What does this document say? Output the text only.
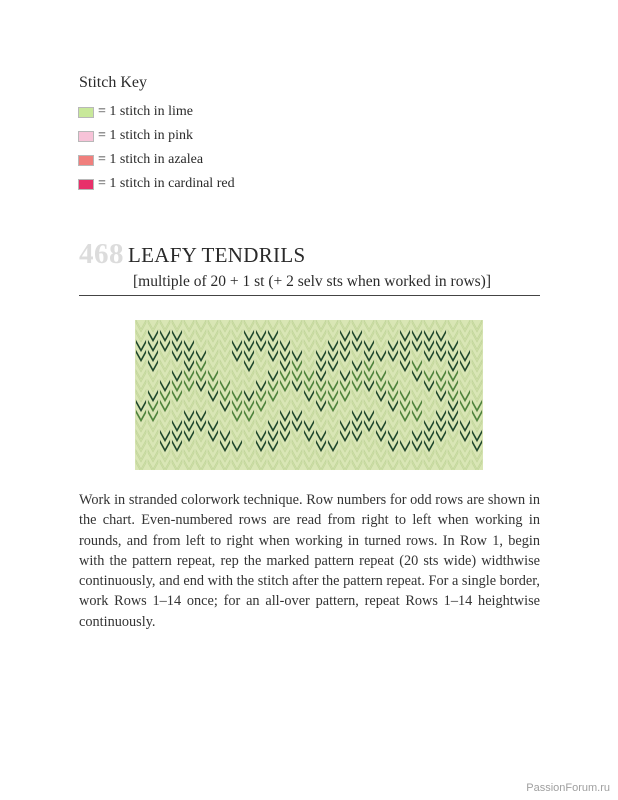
Stitch Key
= 1 stitch in lime
= 1 stitch in pink
= 1 stitch in azalea
= 1 stitch in cardinal red
468 LEAFY TENDRILS
[multiple of 20 + 1 st (+ 2 selv sts when worked in rows)]
Work in stranded colorwork technique. Row numbers for odd rows are shown in the chart. Even-numbered rows are read from right to left when working in rounds, and from left to right when working in turned rows. In Row 1, begin with the pattern repeat, rep the marked pattern repeat (20 sts wide) widthwise continuously, and end with the stitch after the pattern repeat. For a single border, work Rows 1–14 once; for an all-over pattern, repeat Rows 1–14 heightwise continuously.
PassionForum.ru
